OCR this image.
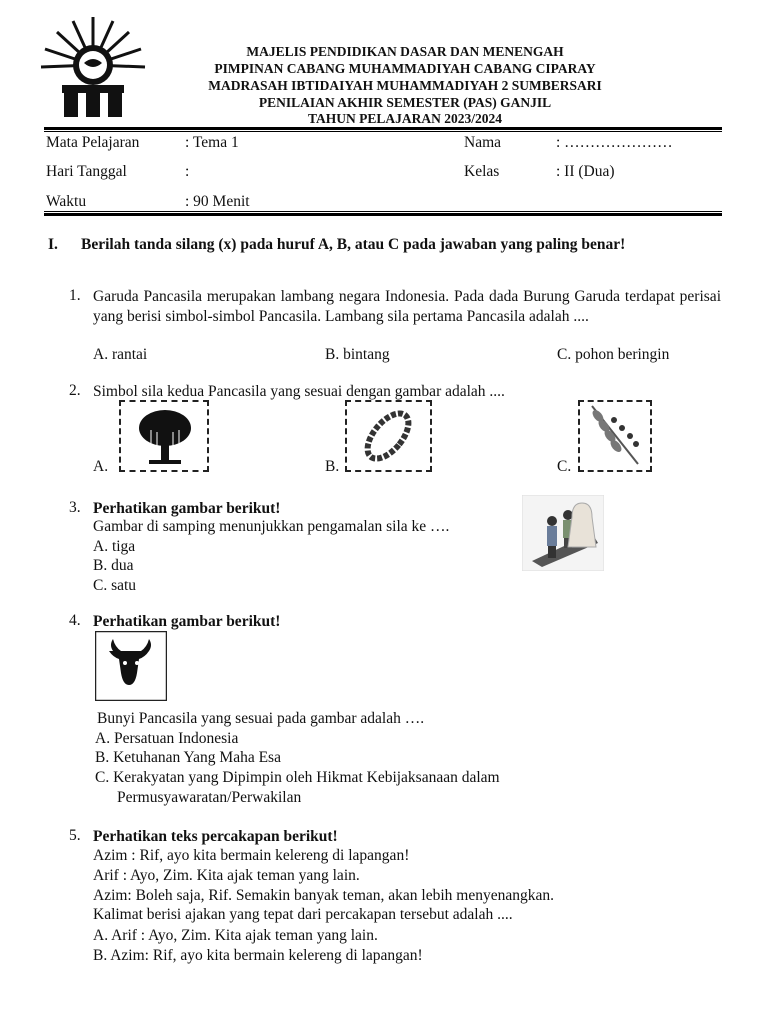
MAJELIS PENDIDIKAN DASAR DAN MENENGAH
PIMPINAN CABANG MUHAMMADIYAH CABANG CIPARAY
MADRASAH IBTIDAIYAH MUHAMMADIYAH 2 SUMBERSARI
PENILAIAN AKHIR SEMESTER (PAS) GANJIL
TAHUN PELAJARAN 2023/2024
Mata Pelajaran	: Tema 1	Nama	: …………………
Hari Tanggal	:	Kelas	: II (Dua)
Waktu	: 90 Menit
I. Berilah tanda silang (x) pada huruf A, B, atau C pada jawaban yang paling benar!
1. Garuda Pancasila merupakan lambang negara Indonesia. Pada dada Burung Garuda terdapat perisai yang berisi simbol-simbol Pancasila. Lambang sila pertama Pancasila adalah ....
A. rantai	B. bintang	C. pohon beringin
2. Simbol sila kedua Pancasila yang sesuai dengan gambar adalah ....
A.	B.	C.
3. Perhatikan gambar berikut!
Gambar di samping menunjukkan pengamalan sila ke ….
A. tiga
B. dua
C. satu
4. Perhatikan gambar berikut!
Bunyi Pancasila yang sesuai pada gambar adalah ….
A. Persatuan Indonesia
B. Ketuhanan Yang Maha Esa
C. Kerakyatan yang Dipimpin oleh Hikmat Kebijaksanaan dalam
Permusyawaratan/Perwakilan
5. Perhatikan teks percakapan berikut!
Azim : Rif, ayo kita bermain kelereng di lapangan!
Arif : Ayo, Zim. Kita ajak teman yang lain.
Azim: Boleh saja, Rif. Semakin banyak teman, akan lebih menyenangkan.
Kalimat berisi ajakan yang tepat dari percakapan tersebut adalah ....
A. Arif : Ayo, Zim. Kita ajak teman yang lain.
B. Azim: Rif, ayo kita bermain kelereng di lapangan!
